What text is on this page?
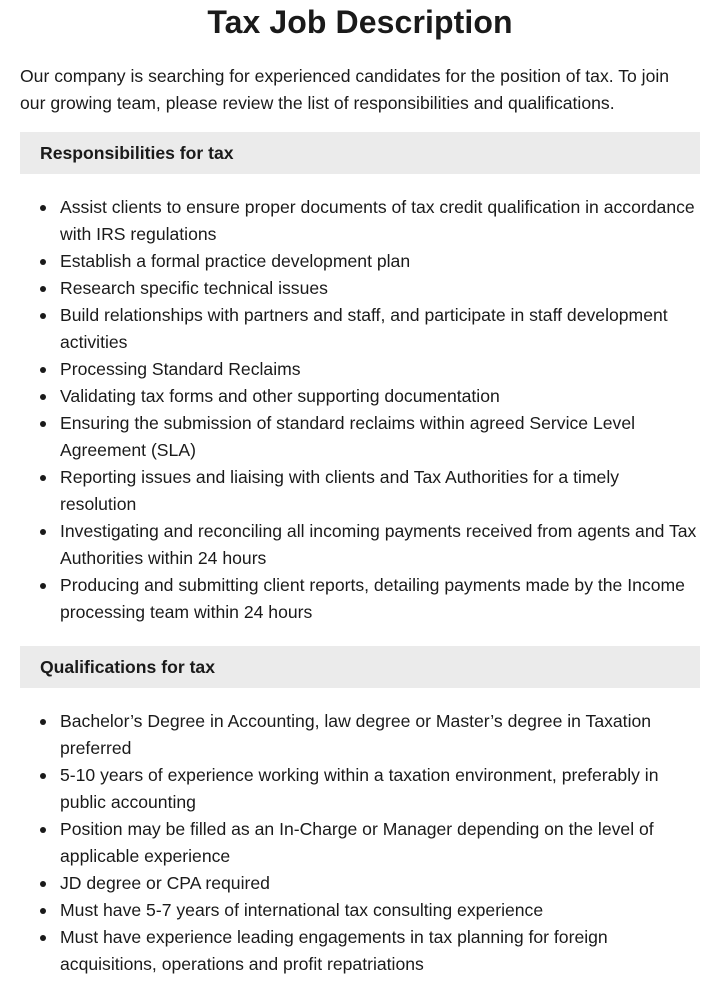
Tax Job Description

Our company is searching for experienced candidates for the position of tax. To join our growing team, please review the list of responsibilities and qualifications.

Responsibilities for tax
Assist clients to ensure proper documents of tax credit qualification in accordance with IRS regulations
Establish a formal practice development plan
Research specific technical issues
Build relationships with partners and staff, and participate in staff development activities
Processing Standard Reclaims
Validating tax forms and other supporting documentation
Ensuring the submission of standard reclaims within agreed Service Level Agreement (SLA)
Reporting issues and liaising with clients and Tax Authorities for a timely resolution
Investigating and reconciling all incoming payments received from agents and Tax Authorities within 24 hours
Producing and submitting client reports, detailing payments made by the Income processing team within 24 hours
Qualifications for tax
Bachelor’s Degree in Accounting, law degree or Master’s degree in Taxation preferred
5-10 years of experience working within a taxation environment, preferably in public accounting
Position may be filled as an In-Charge or Manager depending on the level of applicable experience
JD degree or CPA required
Must have 5-7 years of international tax consulting experience
Must have experience leading engagements in tax planning for foreign acquisitions, operations and profit repatriations
